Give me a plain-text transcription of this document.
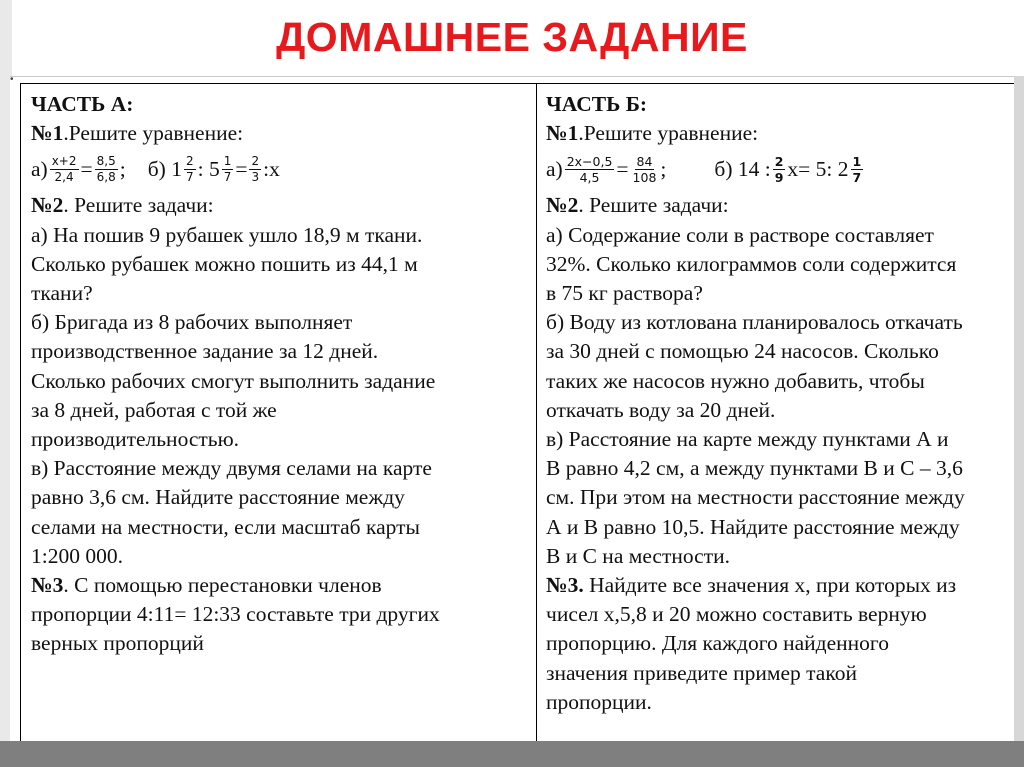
ДОМАШНЕЕ ЗАДАНИЕ
•
ЧАСТЬ А:
№1.Решите уравнение:
$а) \frac{x+2}{2,4} = \frac{8,5}{6,8}$ ; б) $1 \frac{2}{7}$ : $5 \frac{1}{7} = \frac{2}{3}$ :x
№2. Решите задачи:
а) На пошив 9 рубашек ушло 18,9 м ткани.
Сколько рубашек можно пошить из 44,1 м
ткани?
б) Бригада из 8 рабочих выполняет
производственное задание за 12 дней.
Сколько рабочих смогут выполнить задание
за 8 дней, работая с той же
производительностью.
в) Расстояние между двумя селами на карте
равно 3,6 см. Найдите расстояние между
селами на местности, если масштаб карты
1:200 000.
№3. С помощью перестановки членов
пропорции 4:11= 12:33 составьте три других
верных пропорций
ЧАСТЬ Б:
№1.Решите уравнение:
$а) \frac{2x-0,5}{4,5} = \frac{84}{108}$ ; б) 14 : $\frac{2}{9} x= 5$: $2 \frac{1}{7}$
№2. Решите задачи:
а) Содержание соли в растворе составляет
32%. Сколько килограммов соли содержится
в 75 кг раствора?
б) Воду из котлована планировалось откачать
за 30 дней с помощью 24 насосов. Сколько
таких же насосов нужно добавить, чтобы
откачать воду за 20 дней.
в) Расстояние на карте между пунктами А и
В равно 4,2 см, а между пунктами В и С – 3,6
см. При этом на местности расстояние между
А и В равно 10,5. Найдите расстояние между
В и С на местности.
№3. Найдите все значения x, при которых из
чисел x,5,8 и 20 можно составить верную
пропорцию. Для каждого найденного
значения приведите пример такой
пропорции.
